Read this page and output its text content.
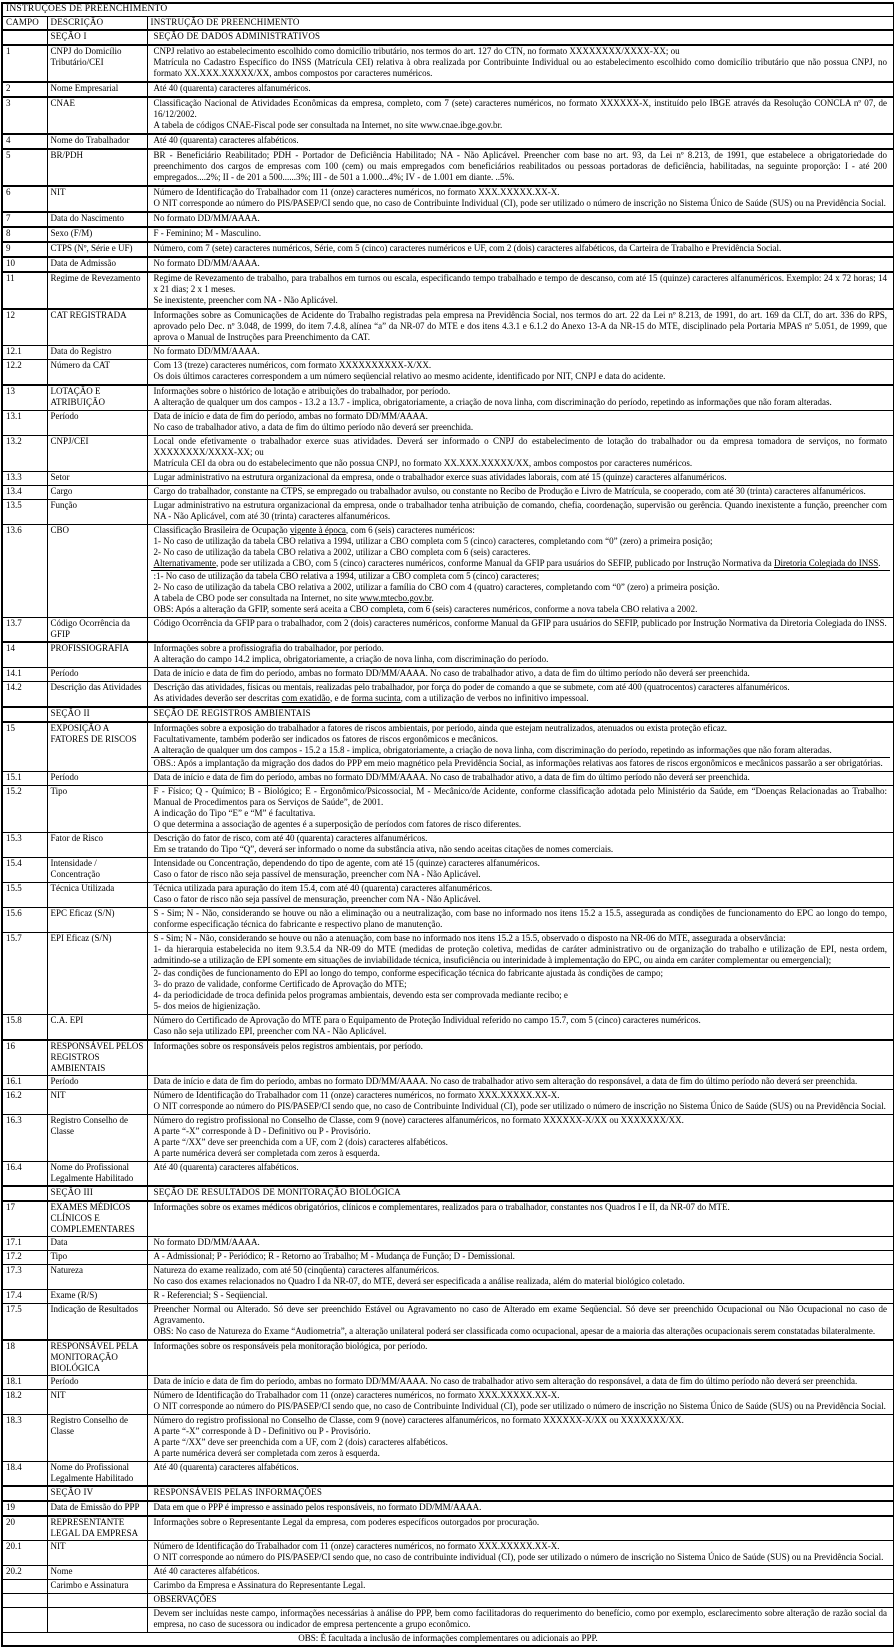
INSTRUÇÕES DE PREENCHIMENTO		
CAMPO	DESCRIÇÃO	INSTRUÇÃO DE PREENCHIMENTO
	SEÇÃO I	SEÇÃO DE DADOS ADMINISTRATIVOS

1	CNPJ do Domicílio Tributário/CEI	CNPJ relativo ao estabelecimento escolhido como domicílio tributário, nos termos do art. 127 do CTN, no formato XXXXXXXX/XXXX-XX; ou
Matrícula no Cadastro Específico do INSS (Matrícula CEI) relativa à obra realizada por Contribuinte Individual ou ao estabelecimento escolhido como domicílio tributário que não possua CNPJ, no formato XX.XXX.XXXXX/XX, ambos compostos por caracteres numéricos.

2	Nome Empresarial	Até 40 (quarenta) caracteres alfanuméricos.

3	CNAE	Classificação Nacional de Atividades Econômicas da empresa, completo, com 7 (sete) caracteres numéricos, no formato XXXXXX-X, instituído pelo IBGE através da Resolução CONCLA nº 07, de 16/12/2002.
A tabela de códigos CNAE-Fiscal pode ser consultada na Internet, no site www.cnae.ibge.gov.br.

4	Nome do Trabalhador	Até 40 (quarenta) caracteres alfabéticos.

5	BR/PDH	BR - Beneficiário Reabilitado; PDH - Portador de Deficiência Habilitado; NA - Não Aplicável. Preencher com base no art. 93, da Lei nº 8.213, de 1991, que estabelece a obrigatoriedade do preenchimento dos cargos de empresas com 100 (cem) ou mais empregados com beneficiários reabilitados ou pessoas portadoras de deficiência, habilitadas, na seguinte proporção: I - até 200 empregados....2%; II - de 201 a 500......3%; III - de 501 a 1.000...4%; IV - de 1.001 em diante. ..5%.

6	NIT	Número de Identificação do Trabalhador com 11 (onze) caracteres numéricos, no formato XXX.XXXXX.XX-X.
O NIT corresponde ao número do PIS/PASEP/CI sendo que, no caso de Contribuinte Individual (CI), pode ser utilizado o número de inscrição no Sistema Único de Saúde (SUS) ou na Previdência Social.

7	Data do Nascimento	No formato DD/MM/AAAA.

8	Sexo (F/M)	F - Feminino; M - Masculino.

9	CTPS (Nº, Série e UF)	Número, com 7 (sete) caracteres numéricos, Série, com 5 (cinco) caracteres numéricos e UF, com 2 (dois) caracteres alfabéticos, da Carteira de Trabalho e Previdência Social.

10	Data de Admissão	No formato DD/MM/AAAA.

11	Regime de Revezamento	Regime de Revezamento de trabalho, para trabalhos em turnos ou escala, especificando tempo trabalhado e tempo de descanso, com até 15 (quinze) caracteres alfanuméricos. Exemplo: 24 x 72 horas; 14 x 21 dias; 2 x 1 meses.
Se inexistente, preencher com NA - Não Aplicável.

12	CAT REGISTRADA	Informações sobre as Comunicações de Acidente do Trabalho registradas pela empresa na Previdência Social, nos termos do art. 22 da Lei nº 8.213, de 1991, do art. 169 da CLT, do art. 336 do RPS, aprovado pelo Dec. nº 3.048, de 1999, do item 7.4.8, alínea “a” da NR-07 do MTE e dos itens 4.3.1 e 6.1.2 do Anexo 13-A da NR-15 do MTE, disciplinado pela Portaria MPAS nº 5.051, de 1999, que aprova o Manual de Instruções para Preenchimento da CAT.

12.1	Data do Registro	No formato DD/MM/AAAA.

12.2	Número da CAT	Com 13 (treze) caracteres numéricos, com formato XXXXXXXXXX-X/XX.
Os dois últimos caracteres correspondem a um número seqüencial relativo ao mesmo acidente, identificado por NIT, CNPJ e data do acidente.

13	LOTAÇÃO E ATRIBUIÇÃO	Informações sobre o histórico de lotação e atribuições do trabalhador, por período.
A alteração de qualquer um dos campos - 13.2 a 13.7 - implica, obrigatoriamente, a criação de nova linha, com discriminação do período, repetindo as informações que não foram alteradas.

13.1	Período	Data de início e data de fim do período, ambas no formato DD/MM/AAAA.
No caso de trabalhador ativo, a data de fim do último período não deverá ser preenchida.

13.2	CNPJ/CEI	Local onde efetivamente o trabalhador exerce suas atividades. Deverá ser informado o CNPJ do estabelecimento de lotação do trabalhador ou da empresa tomadora de serviços, no formato XXXXXXXX/XXXX-XX; ou
Matrícula CEI da obra ou do estabelecimento que não possua CNPJ, no formato XX.XXX.XXXXX/XX, ambos compostos por caracteres numéricos.

13.3	Setor	Lugar administrativo na estrutura organizacional da empresa, onde o trabalhador exerce suas atividades laborais, com até 15 (quinze) caracteres alfanuméricos.

13.4	Cargo	Cargo do trabalhador, constante na CTPS, se empregado ou trabalhador avulso, ou constante no Recibo de Produção e Livro de Matrícula, se cooperado, com até 30 (trinta) caracteres alfanuméricos.

13.5	Função	Lugar administrativo na estrutura organizacional da empresa, onde o trabalhador tenha atribuição de comando, chefia, coordenação, supervisão ou gerência. Quando inexistente a função, preencher com NA - Não Aplicável, com até 30 (trinta) caracteres alfanuméricos.

13.6	CBO	Classificação Brasileira de Ocupação vigente à época, com 6 (seis) caracteres numéricos:
1- No caso de utilização da tabela CBO relativa a 1994, utilizar a CBO completa com 5 (cinco) caracteres, completando com “0” (zero) a primeira posição;
2- No caso de utilização da tabela CBO relativa a 2002, utilizar a CBO completa com 6 (seis) caracteres.
Alternativamente, pode ser utilizada a CBO, com 5 (cinco) caracteres numéricos, conforme Manual da GFIP para usuários do SEFIP, publicado por Instrução Normativa da Diretoria Colegiada do INSS.
:1- No caso de utilização da tabela CBO relativa a 1994, utilizar a CBO completa com 5 (cinco) caracteres;
2- No caso de utilização da tabela CBO relativa a 2002, utilizar a família do CBO com 4 (quatro) caracteres, completando com “0” (zero) a primeira posição.
A tabela de CBO pode ser consultada na Internet, no site www.mtecbo.gov.br.
OBS: Após a alteração da GFIP, somente será aceita a CBO completa, com 6 (seis) caracteres numéricos, conforme a nova tabela CBO relativa a 2002.

13.7	Código Ocorrência da GFIP	Código Ocorrência da GFIP para o trabalhador, com 2 (dois) caracteres numéricos, conforme Manual da GFIP para usuários do SEFIP, publicado por Instrução Normativa da Diretoria Colegiada do INSS.

14	PROFISSIOGRAFIA	Informações sobre a profissiografia do trabalhador, por período.
A alteração do campo 14.2 implica, obrigatoriamente, a criação de nova linha, com discriminação do período.

14.1	Período	Data de início e data de fim do período, ambas no formato DD/MM/AAAA. No caso de trabalhador ativo, a data de fim do último período não deverá ser preenchida.

14.2	Descrição das Atividades	Descrição das atividades, físicas ou mentais, realizadas pelo trabalhador, por força do poder de comando a que se submete, com até 400 (quatrocentos) caracteres alfanuméricos.
As atividades deverão ser descritas com exatidão, e de forma sucinta, com a utilização de verbos no infinitivo impessoal.

	SEÇÃO II	SEÇÃO DE REGISTROS AMBIENTAIS

15	EXPOSIÇÃO A FATORES DE RISCOS	Informações sobre a exposição do trabalhador a fatores de riscos ambientais, por período, ainda que estejam neutralizados, atenuados ou exista proteção eficaz.
Facultativamente, também poderão ser indicados os fatores de riscos ergonômicos e mecânicos.
A alteração de qualquer um dos campos - 15.2 a 15.8 - implica, obrigatoriamente, a criação de nova linha, com discriminação do período, repetindo as informações que não foram alteradas.
OBS.: Após a implantação da migração dos dados do PPP em meio magnético pela Previdência Social, as informações relativas aos fatores de riscos ergonômicos e mecânicos passarão a ser obrigatórias.

15.1	Período	Data de início e data de fim do período, ambas no formato DD/MM/AAAA. No caso de trabalhador ativo, a data de fim do último período não deverá ser preenchida.

15.2	Tipo	F - Físico; Q - Químico; B - Biológico; E - Ergonômico/Psicossocial, M - Mecânico/de Acidente, conforme classificação adotada pelo Ministério da Saúde, em “Doenças Relacionadas ao Trabalho: Manual de Procedimentos para os Serviços de Saúde”, de 2001.
A indicação do Tipo “E” e “M” é facultativa.
O que determina a associação de agentes é a superposição de períodos com fatores de risco diferentes.

15.3	Fator de Risco	Descrição do fator de risco, com até 40 (quarenta) caracteres alfanuméricos.
Em se tratando do Tipo “Q”, deverá ser informado o nome da substância ativa, não sendo aceitas citações de nomes comerciais.

15.4	Intensidade / Concentração	Intensidade ou Concentração, dependendo do tipo de agente, com até 15 (quinze) caracteres alfanuméricos.
Caso o fator de risco não seja passível de mensuração, preencher com NA - Não Aplicável.

15.5	Técnica Utilizada	Técnica utilizada para apuração do item 15.4, com até 40 (quarenta) caracteres alfanuméricos.
Caso o fator de risco não seja passível de mensuração, preencher com NA - Não Aplicável.

15.6	EPC Eficaz (S/N)	S - Sim; N - Não, considerando se houve ou não a eliminação ou a neutralização, com base no informado nos itens 15.2 a 15.5, assegurada as condições de funcionamento do EPC ao longo do tempo, conforme especificação técnica do fabricante e respectivo plano de manutenção.

15.7	EPI Eficaz (S/N)	S - Sim; N - Não, considerando se houve ou não a atenuação, com base no informado nos itens 15.2 a 15.5, observado o disposto na NR-06 do MTE, assegurada a observância:
1- da hierarquia estabelecida no item 9.3.5.4 da NR-09 do MTE (medidas de proteção coletiva, medidas de caráter administrativo ou de organização do trabalho e utilização de EPI, nesta ordem, admitindo-se a utilização de EPI somente em situações de inviabilidade técnica, insuficiência ou interinidade à implementação do EPC, ou ainda em caráter complementar ou emergencial);
2- das condições de funcionamento do EPI ao longo do tempo, conforme especificação técnica do fabricante ajustada às condições de campo;
3- do prazo de validade, conforme Certificado de Aprovação do MTE;
4- da periodicidade de troca definida pelos programas ambientais, devendo esta ser comprovada mediante recibo; e
5- dos meios de higienização.

15.8	C.A. EPI	Número do Certificado de Aprovação do MTE para o Equipamento de Proteção Individual referido no campo 15.7, com 5 (cinco) caracteres numéricos.
Caso não seja utilizado EPI, preencher com NA - Não Aplicável.

16	RESPONSÁVEL PELOS REGISTROS AMBIENTAIS	Informações sobre os responsáveis pelos registros ambientais, por período.

16.1	Período	Data de início e data de fim do período, ambas no formato DD/MM/AAAA. No caso de trabalhador ativo sem alteração do responsável, a data de fim do último período não deverá ser preenchida.

16.2	NIT	Número de Identificação do Trabalhador com 11 (onze) caracteres numéricos, no formato XXX.XXXXX.XX-X.
O NIT corresponde ao número do PIS/PASEP/CI sendo que, no caso de Contribuinte Individual (CI), pode ser utilizado o número de inscrição no Sistema Único de Saúde (SUS) ou na Previdência Social.

16.3	Registro Conselho de Classe	Número do registro profissional no Conselho de Classe, com 9 (nove) caracteres alfanuméricos, no formato XXXXXX-X/XX ou XXXXXXX/XX.
A parte “-X” corresponde à D - Definitivo ou P - Provisório.
A parte “/XX” deve ser preenchida com a UF, com 2 (dois) caracteres alfabéticos.
A parte numérica deverá ser completada com zeros à esquerda.

16.4	Nome do Profissional Legalmente Habilitado	Até 40 (quarenta) caracteres alfabéticos.

	SEÇÃO III	SEÇÃO DE RESULTADOS DE MONITORAÇÃO BIOLÓGICA

17	EXAMES MÉDICOS CLÍNICOS E COMPLEMENTARES	Informações sobre os exames médicos obrigatórios, clínicos e complementares, realizados para o trabalhador, constantes nos Quadros I e II, da NR-07 do MTE.

17.1	Data	No formato DD/MM/AAAA.

17.2	Tipo	A - Admissional; P - Periódico; R - Retorno ao Trabalho; M - Mudança de Função; D - Demissional.

17.3	Natureza	Natureza do exame realizado, com até 50 (cinqüenta) caracteres alfanuméricos.
No caso dos exames relacionados no Quadro I da NR-07, do MTE, deverá ser especificada a análise realizada, além do material biológico coletado.

17.4	Exame (R/S)	R - Referencial; S - Seqüencial.

17.5	Indicação de Resultados	Preencher Normal ou Alterado. Só deve ser preenchido Estável ou Agravamento no caso de Alterado em exame Seqüencial. Só deve ser preenchido Ocupacional ou Não Ocupacional no caso de Agravamento.
OBS: No caso de Natureza do Exame “Audiometria”, a alteração unilateral poderá ser classificada como ocupacional, apesar de a maioria das alterações ocupacionais serem constatadas bilateralmente.

18	RESPONSÁVEL PELA MONITORAÇÃO BIOLÓGICA	Informações sobre os responsáveis pela monitoração biológica, por período.

18.1	Período	Data de início e data de fim do período, ambas no formato DD/MM/AAAA. No caso de trabalhador ativo sem alteração do responsável, a data de fim do último período não deverá ser preenchida.

18.2	NIT	Número de Identificação do Trabalhador com 11 (onze) caracteres numéricos, no formato XXX.XXXXX.XX-X.
O NIT corresponde ao número do PIS/PASEP/CI sendo que, no caso de Contribuinte Individual (CI), pode ser utilizado o número de inscrição no Sistema Único de Saúde (SUS) ou na Previdência Social.

18.3	Registro Conselho de Classe	Número do registro profissional no Conselho de Classe, com 9 (nove) caracteres alfanuméricos, no formato XXXXXX-X/XX ou XXXXXXX/XX.
A parte “-X” corresponde à D - Definitivo ou P - Provisório.
A parte “/XX” deve ser preenchida com a UF, com 2 (dois) caracteres alfabéticos.
A parte numérica deverá ser completada com zeros à esquerda.

18.4	Nome do Profissional Legalmente Habilitado	Até 40 (quarenta) caracteres alfabéticos.

	SEÇÃO IV	RESPONSÁVEIS PELAS INFORMAÇÕES

19	Data de Emissão do PPP	Data em que o PPP é impresso e assinado pelos responsáveis, no formato DD/MM/AAAA.

20	REPRESENTANTE LEGAL DA EMPRESA	Informações sobre o Representante Legal da empresa, com poderes específicos outorgados por procuração.

20.1	NIT	Número de Identificação do Trabalhador com 11 (onze) caracteres numéricos, no formato XXX.XXXXX.XX-X.
O NIT corresponde ao número do PIS/PASEP/CI sendo que, no caso de contribuinte individual (CI), pode ser utilizado o número de inscrição no Sistema Único de Saúde (SUS) ou na Previdência Social.

20.2	Nome	Até 40 caracteres alfabéticos.

	Carimbo e Assinatura	Carimbo da Empresa e Assinatura do Representante Legal.

		OBSERVAÇÕES

		Devem ser incluídas neste campo, informações necessárias à análise do PPP, bem como facilitadoras do requerimento do benefício, como por exemplo, esclarecimento sobre alteração de razão social da empresa, no caso de sucessora ou indicador de empresa pertencente a grupo econômico.

OBS: É facultada a inclusão de informações complementares ou adicionais ao PPP.		
